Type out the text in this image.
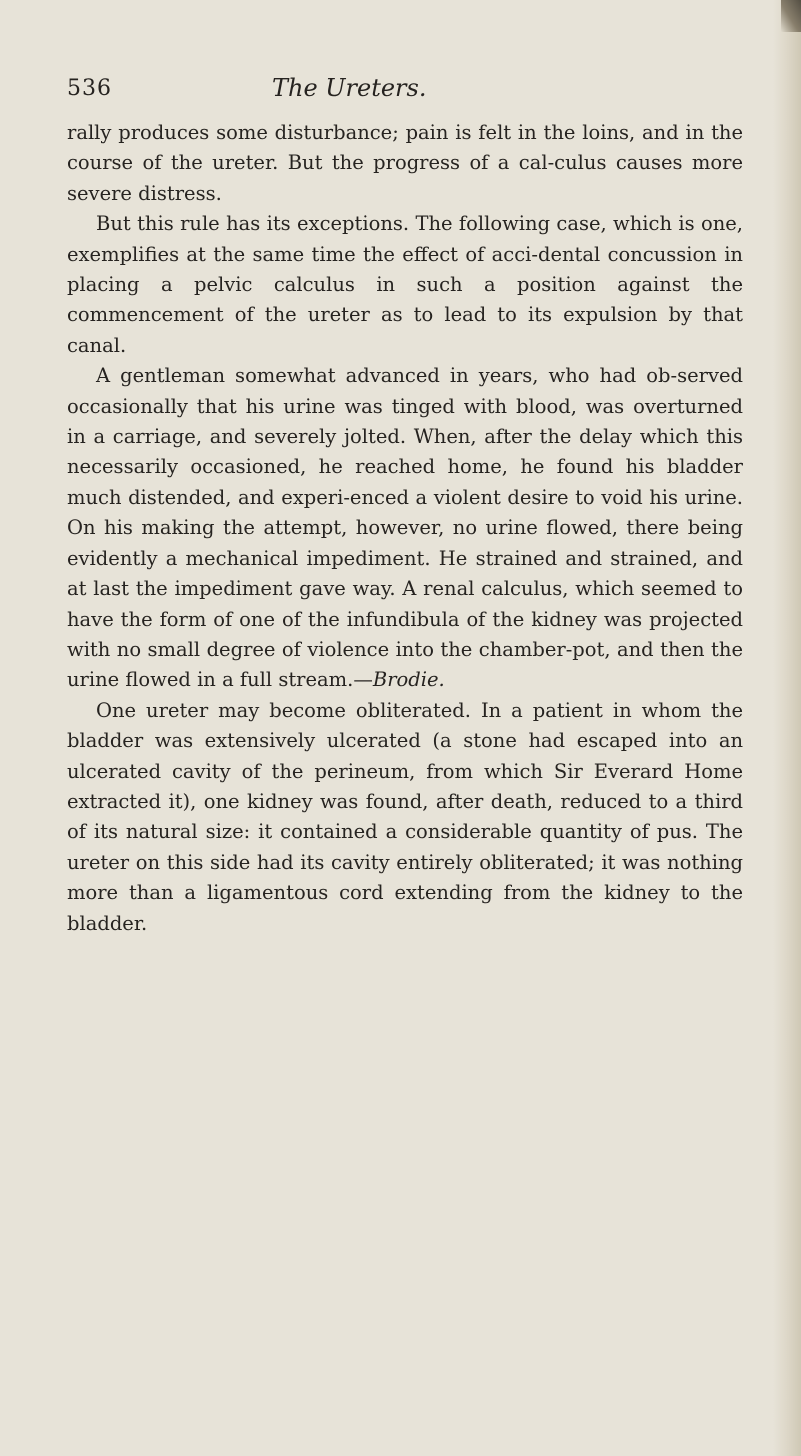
536	The Ureters.

rally produces some disturbance; pain is felt in the loins, and in the course of the ureter. But the progress of a cal-culus causes more severe distress.

But this rule has its exceptions. The following case, which is one, exemplifies at the same time the effect of acci-dental concussion in placing a pelvic calculus in such a position against the commencement of the ureter as to lead to its expulsion by that canal.

A gentleman somewhat advanced in years, who had ob-served occasionally that his urine was tinged with blood, was overturned in a carriage, and severely jolted. When, after the delay which this necessarily occasioned, he reached home, he found his bladder much distended, and experi-enced a violent desire to void his urine. On his making the attempt, however, no urine flowed, there being evidently a mechanical impediment. He strained and strained, and at last the impediment gave way. A renal calculus, which seemed to have the form of one of the infundibula of the kidney was projected with no small degree of violence into the chamber-pot, and then the urine flowed in a full stream.—Brodie.

One ureter may become obliterated. In a patient in whom the bladder was extensively ulcerated (a stone had escaped into an ulcerated cavity of the perineum, from which Sir Everard Home extracted it), one kidney was found, after death, reduced to a third of its natural size: it contained a considerable quantity of pus. The ureter on this side had its cavity entirely obliterated; it was nothing more than a ligamentous cord extending from the kidney to the bladder.
